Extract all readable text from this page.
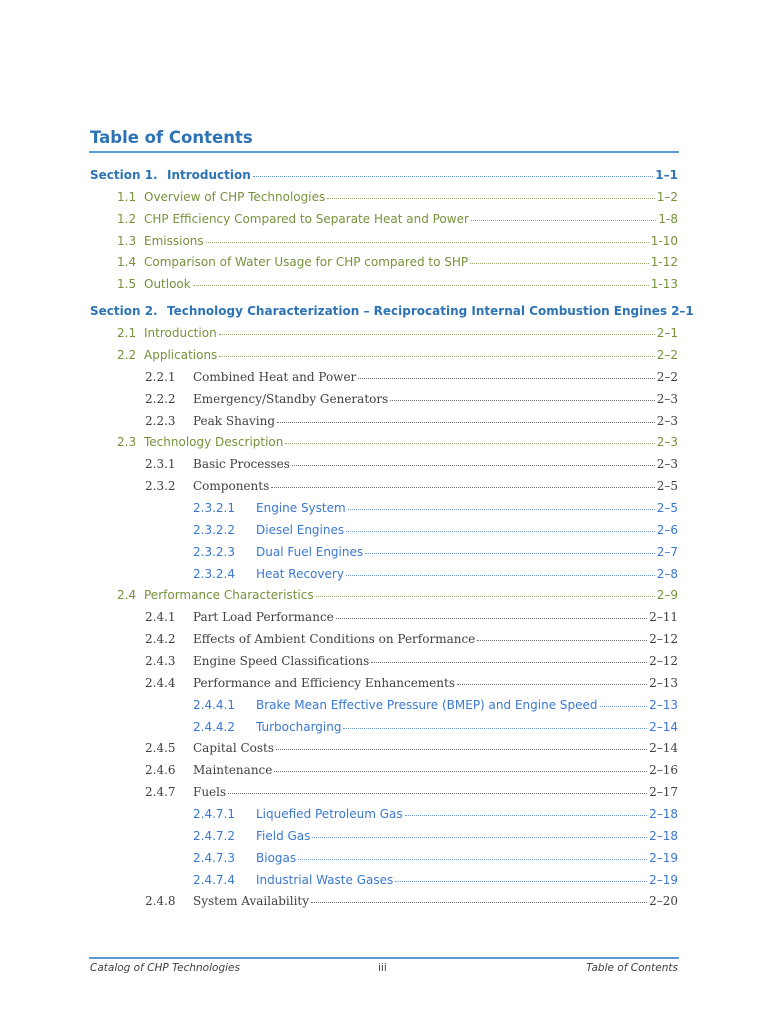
Table of Contents
Section 1. Introduction	1–1
1.1 Overview of CHP Technologies	1–2
1.2 CHP Efficiency Compared to Separate Heat and Power	1-8
1.3 Emissions	1-10
1.4 Comparison of Water Usage for CHP compared to SHP	1-12
1.5 Outlook	1-13
Section 2. Technology Characterization – Reciprocating Internal Combustion Engines 2–1
2.1 Introduction	2–1
2.2 Applications	2–2
2.2.1 Combined Heat and Power	2–2
2.2.2 Emergency/Standby Generators	2–3
2.2.3 Peak Shaving	2–3
2.3 Technology Description	2–3
2.3.1 Basic Processes	2–3
2.3.2 Components	2–5
2.3.2.1 Engine System	2–5
2.3.2.2 Diesel Engines	2–6
2.3.2.3 Dual Fuel Engines	2–7
2.3.2.4 Heat Recovery	2–8
2.4 Performance Characteristics	2–9
2.4.1 Part Load Performance	2–11
2.4.2 Effects of Ambient Conditions on Performance	2–12
2.4.3 Engine Speed Classifications	2–12
2.4.4 Performance and Efficiency Enhancements	2–13
2.4.4.1 Brake Mean Effective Pressure (BMEP) and Engine Speed	2–13
2.4.4.2 Turbocharging	2–14
2.4.5 Capital Costs	2–14
2.4.6 Maintenance	2–16
2.4.7 Fuels	2–17
2.4.7.1 Liquefied Petroleum Gas	2–18
2.4.7.2 Field Gas	2–18
2.4.7.3 Biogas	2–19
2.4.7.4 Industrial Waste Gases	2–19
2.4.8 System Availability	2–20
Catalog of CHP Technologies	iii	Table of Contents
